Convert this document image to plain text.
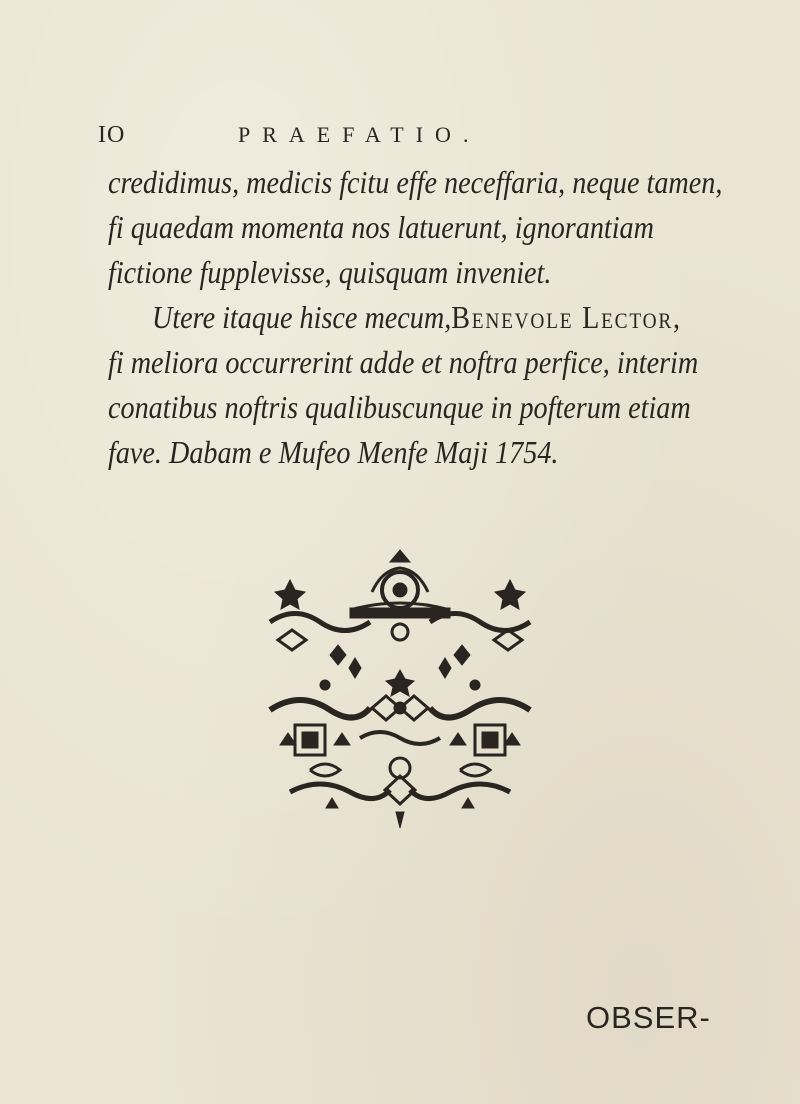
IO	PRAEFATIO.
credidimus, medicis fcitu effe neceffaria, neque tamen,
fi quaedam momenta nos latuerunt, ignorantiam
fictione fupplevisse, quisquam inveniet.
Utere itaque hisce mecum,Benevole Lector,
fi meliora occurrerint adde et noftra perfice, interim
conatibus noftris qualibuscunque in pofterum etiam
fave. Dabam e Mufeo Menfe Maji 1754.
OBSER-
